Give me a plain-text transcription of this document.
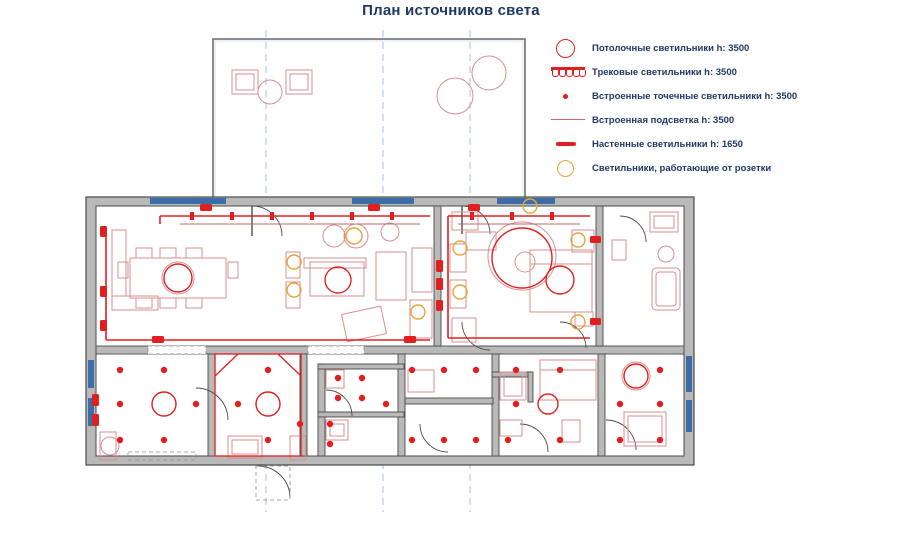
План источников света
Потолочные светильники h: 3500
Трековые светильники h: 3500
Встроенные точечные светильники h: 3500
Встроенная подсветка h: 3500
Настенные светильники h: 1650
Светильники, работающие от розетки
